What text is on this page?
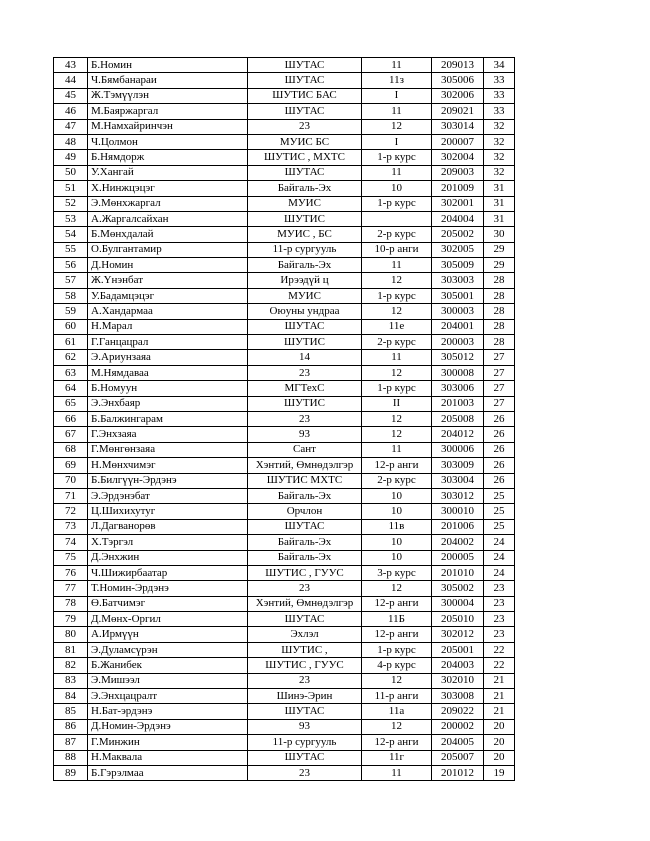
43	Б.Номин	ШУТАС	11	209013	34
44	Ч.Бямбанараи	ШУТАС	11з	305006	33
45	Ж.Тэмүүлэн	ШУТИС БАС	I	302006	33
46	М.Баяржаргал	ШУТАС	11	209021	33
47	М.Намхайринчэн	23	12	303014	32
48	Ч.Цолмон	МУИС БС	I	200007	32
49	Б.Нямдорж	ШУТИС , МХТС	1-р курс	302004	32
50	У.Хангай	ШУТАС	11	209003	32
51	Х.Нинжцэцэг	Байгаль-Эх	10	201009	31
52	Э.Мөнхжаргал	МУИС	1-р курс	302001	31
53	А.Жаргалсайхан	ШУТИС		204004	31
54	Б.Мөнхдалай	МУИС , БС	2-р курс	205002	30
55	О.Булгантамир	11-р сургууль	10-р анги	302005	29
56	Д.Номин	Байгаль-Эх	11	305009	29
57	Ж.Үнэнбат	Ирээдүй ц	12	303003	28
58	У.Бадамцэцэг	МУИС	1-р курс	305001	28
59	А.Хандармаа	Оюуны ундраа	12	300003	28
60	Н.Марал	ШУТАС	11е	204001	28
61	Г.Ганцацрал	ШУТИС	2-р курс	200003	28
62	Э.Ариунзаяа	14	11	305012	27
63	М.Нямдаваа	23	12	300008	27
64	Б.Номуун	МГТехС	1-р курс	303006	27
65	Э.Энхбаяр	ШУТИС	II	201003	27
66	Б.Балжингарам	23	12	205008	26
67	Г.Энхзаяа	93	12	204012	26
68	Г.Мөнгөнзаяа	Сант	11	300006	26
69	Н.Мөнхчимэг	Хэнтий, Өмнөдэлгэр	12-р анги	303009	26
70	Б.Билгүүн-Эрдэнэ	ШУТИС МХТС	2-р курс	303004	26
71	Э.Эрдэнэбат	Байгаль-Эх	10	303012	25
72	Ц.Шихихутуг	Орчлон	10	300010	25
73	Л.Дагванорөв	ШУТАС	11в	201006	25
74	Х.Тэргэл	Байгаль-Эх	10	204002	24
75	Д.Энхжин	Байгаль-Эх	10	200005	24
76	Ч.Шижирбаатар	ШУТИС , ГУУС	3-р курс	201010	24
77	Т.Номин-Эрдэнэ	23	12	305002	23
78	Ө.Батчимэг	Хэнтий, Өмнөдэлгэр	12-р анги	300004	23
79	Д.Мөнх-Оргил	ШУТАС	11Б	205010	23
80	А.Ирмүүн	Эхлэл	12-р анги	302012	23
81	Э.Дуламсүрэн	ШУТИС ,	1-р курс	205001	22
82	Б.Жанибек	ШУТИС , ГУУС	4-р курс	204003	22
83	Э.Мишээл	23	12	302010	21
84	Э.Энхцацралт	Шинэ-Эрин	11-р анги	303008	21
85	Н.Бат-эрдэнэ	ШУТАС	11а	209022	21
86	Д.Номин-Эрдэнэ	93	12	200002	20
87	Г.Минжин	11-р сургууль	12-р анги	204005	20
88	Н.Маквала	ШУТАС	11г	205007	20
89	Б.Гэрэлмаа	23	11	201012	19
